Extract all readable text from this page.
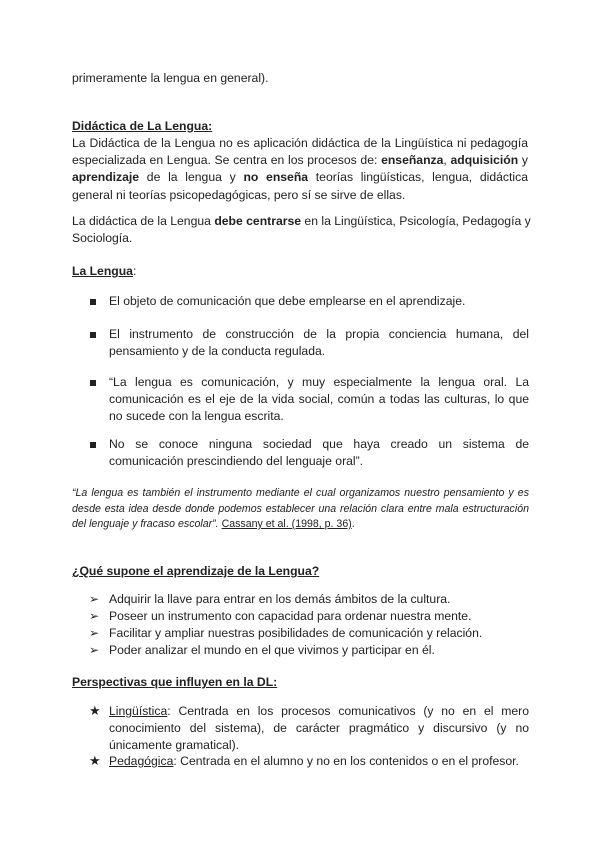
primeramente la lengua en general).

Didáctica de La Lengua:

La Didáctica de la Lengua no es aplicación didáctica de la Lingüística ni pedagogía especializada en Lengua. Se centra en los procesos de: enseñanza, adquisición y aprendizaje de la lengua y no enseña teorías lingüísticas, lengua, didáctica general ni teorías psicopedagógicas, pero sí se sirve de ellas.

La didáctica de la Lengua debe centrarse en la Lingüística, Psicología, Pedagogía y Sociología.

La Lengua:

El objeto de comunicación que debe emplearse en el aprendizaje.

El instrumento de construcción de la propia conciencia humana, del pensamiento y de la conducta regulada.

“La lengua es comunicación, y muy especialmente la lengua oral. La comunicación es el eje de la vida social, común a todas las culturas, lo que no sucede con la lengua escrita.

No se conoce ninguna sociedad que haya creado un sistema de comunicación prescindiendo del lenguaje oral”.

“La lengua es también el instrumento mediante el cual organizamos nuestro pensamiento y es desde esta idea desde donde podemos establecer una relación clara entre mala estructuración del lenguaje y fracaso escolar”. Cassany et al. (1998, p. 36).

¿Qué supone el aprendizaje de la Lengua?

➢ Adquirir la llave para entrar en los demás ámbitos de la cultura.

➢ Poseer un instrumento con capacidad para ordenar nuestra mente.

➢ Facilitar y ampliar nuestras posibilidades de comunicación y relación.

➢ Poder analizar el mundo en el que vivimos y participar en él.

Perspectivas que influyen en la DL:

★ Lingüística: Centrada en los procesos comunicativos (y no en el mero conocimiento del sistema), de carácter pragmático y discursivo (y no únicamente gramatical).

★ Pedagógica: Centrada en el alumno y no en los contenidos o en el profesor.
